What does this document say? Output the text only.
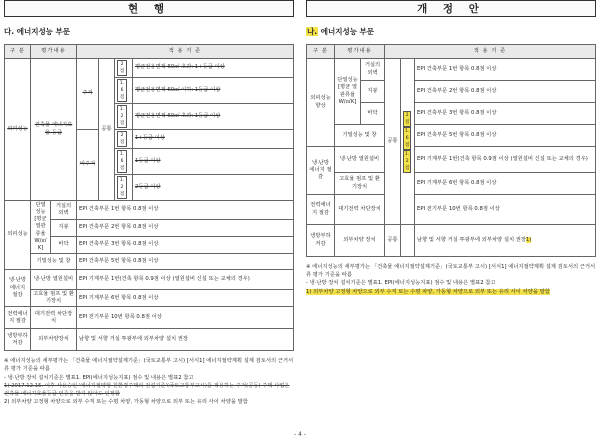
현 행
다. 에너지성능 부문
구 분	평가내용		적 용 기 준			
외피성능	건축물 에너지효율 등급		주거	공통	2점	평균전용면적 60㎡ 초과: 1+등급 이상
					1.6점	평균전용면적 60㎡ 이하: 1등급 이상
					1.2점	평균전용면적 60㎡ 초과: 1등급 이상
			비주거		2점	1+등급 이상
					1.6점	1등급 이상
					1.2점	2등급 이상
외피성능	단열성능 [평균 열관류율 W/㎡K]	거실의 외벽	EPI 건축부문 1번 항목 0.8점 이상			
		지붕	EPI 건축부문 2번 항목 0.8점 이상			
		바닥	EPI 건축부문 3번 항목 0.8점 이상			
	기밀성능 및 창		EPI 건축부문 5번 항목 0.8점 이상			
냉·난방 에너지 절감	냉·난방 열원설비		EPI 기계부문 1번(건축 항목 0.9점 이상 (열원설비 신설 또는 교체의 경우)			
	고효율 펌프 및 환기장치		EPI 기계부문 6번 항목 0.8점 이상			
전력에너지 절감	대기전력 차단장치		EPI 전기부문 10번 항목 0.8점 이상			
냉방부하 저감	외부차양장치		남향 및 서향 거실 투광부에 외부차양 설치 권장			

※ 에너지성능의 세부평가는 「건축물 에너지절약설계기준」(국토교통부 고시) [서식1] 에너지절약계획 설계 검토서의 근거서류 평가 기준을 따름

- 냉·난방 장치 설치기준은 별표1. EPI(에너지성능지표) 점수 및 내용은 별표2 참고

1) 2017.12.15. 이후 사용승인 '에너지절약형 친환경주택의 건설기준'(국토교통부고시)를 적용하는 주거(공동) 주택 사업은 건축물 에너지효율등급 인증을 받지 않아도 인정함

2) 외부차양 고정형 차양으로 외부 수직 또는 수평 차양, 가동형 차양으로 외부 또는 유리 사이 차양을 말함

개 정 안
나. 에너지성능 부문
구 분	평가내용		적 용 기 준		
외피성능 향상	단열성능 [평균 열관류율 W/㎡K]	거실의 외벽	공통	2점 1.6점 1.2점	EPI 건축부문 1번 항목 0.8점 이상
		지붕			EPI 건축부문 2번 항목 0.8점 이상
		바닥			EPI 건축부문 3번 항목 0.8점 이상
	기밀성능 및 창				EPI 건축부문 5번 항목 0.8점 이상
냉·난방 에너지 절감	냉·난방 열원설비				EPI 기계부문 1번(건축 항목 0.9점 이상 (열원설비 신설 또는 교체의 경우)
	고효율 펌프 및 환기장치				EPI 기계부문 6번 항목 0.8점 이상
전력에너지 절감	대기전력 차단장치				EPI 전기부문 10번 항목 0.8점 이상
냉방부하 저감	외부차양 장치		공통		남향 및 서향 거실 투광부에 외부차양 설치 권장1)

※ 에너지성능의 세부평가는 「건축물 에너지절약설계기준」(국토교통부 고시) [서식1] 에너지절약계획 설계 검토서의 근거서류 평가 기준을 따름

- 냉·난방 장치 설치기준은 별표1. EPI(에너지성능지표) 점수 및 내용은 별표2 참고

1) 외부차양 고정형 차양으로 외부 수직 또는 수평 차양, 가동형 차양으로 외부 또는 유리 사이 차양을 말함

- 4 -
